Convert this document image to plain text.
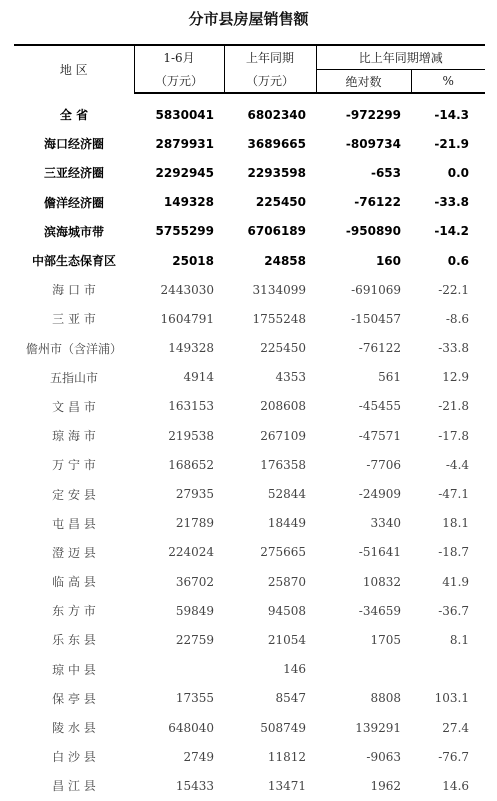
分市县房屋销售额
地 区	1-6月	上年同期	比上年同期增减	
	（万元）	（万元）	绝对数	%
全 省	5830041	6802340	-972299	-14.3
海口经济圈	2879931	3689665	-809734	-21.9
三亚经济圈	2292945	2293598	-653	0.0
儋洋经济圈	149328	225450	-76122	-33.8
滨海城市带	5755299	6706189	-950890	-14.2
中部生态保育区	25018	24858	160	0.6
海 口 市	2443030	3134099	-691069	-22.1
三 亚 市	1604791	1755248	-150457	-8.6
儋州市（含洋浦）	149328	225450	-76122	-33.8
五指山市	4914	4353	561	12.9
文 昌 市	163153	208608	-45455	-21.8
琼 海 市	219538	267109	-47571	-17.8
万 宁 市	168652	176358	-7706	-4.4
定 安 县	27935	52844	-24909	-47.1
屯 昌 县	21789	18449	3340	18.1
澄 迈 县	224024	275665	-51641	-18.7
临 高 县	36702	25870	10832	41.9
东 方 市	59849	94508	-34659	-36.7
乐 东 县	22759	21054	1705	8.1
琼 中 县		146		
保 亭 县	17355	8547	8808	103.1
陵 水 县	648040	508749	139291	27.4
白 沙 县	2749	11812	-9063	-76.7
昌 江 县	15433	13471	1962	14.6
